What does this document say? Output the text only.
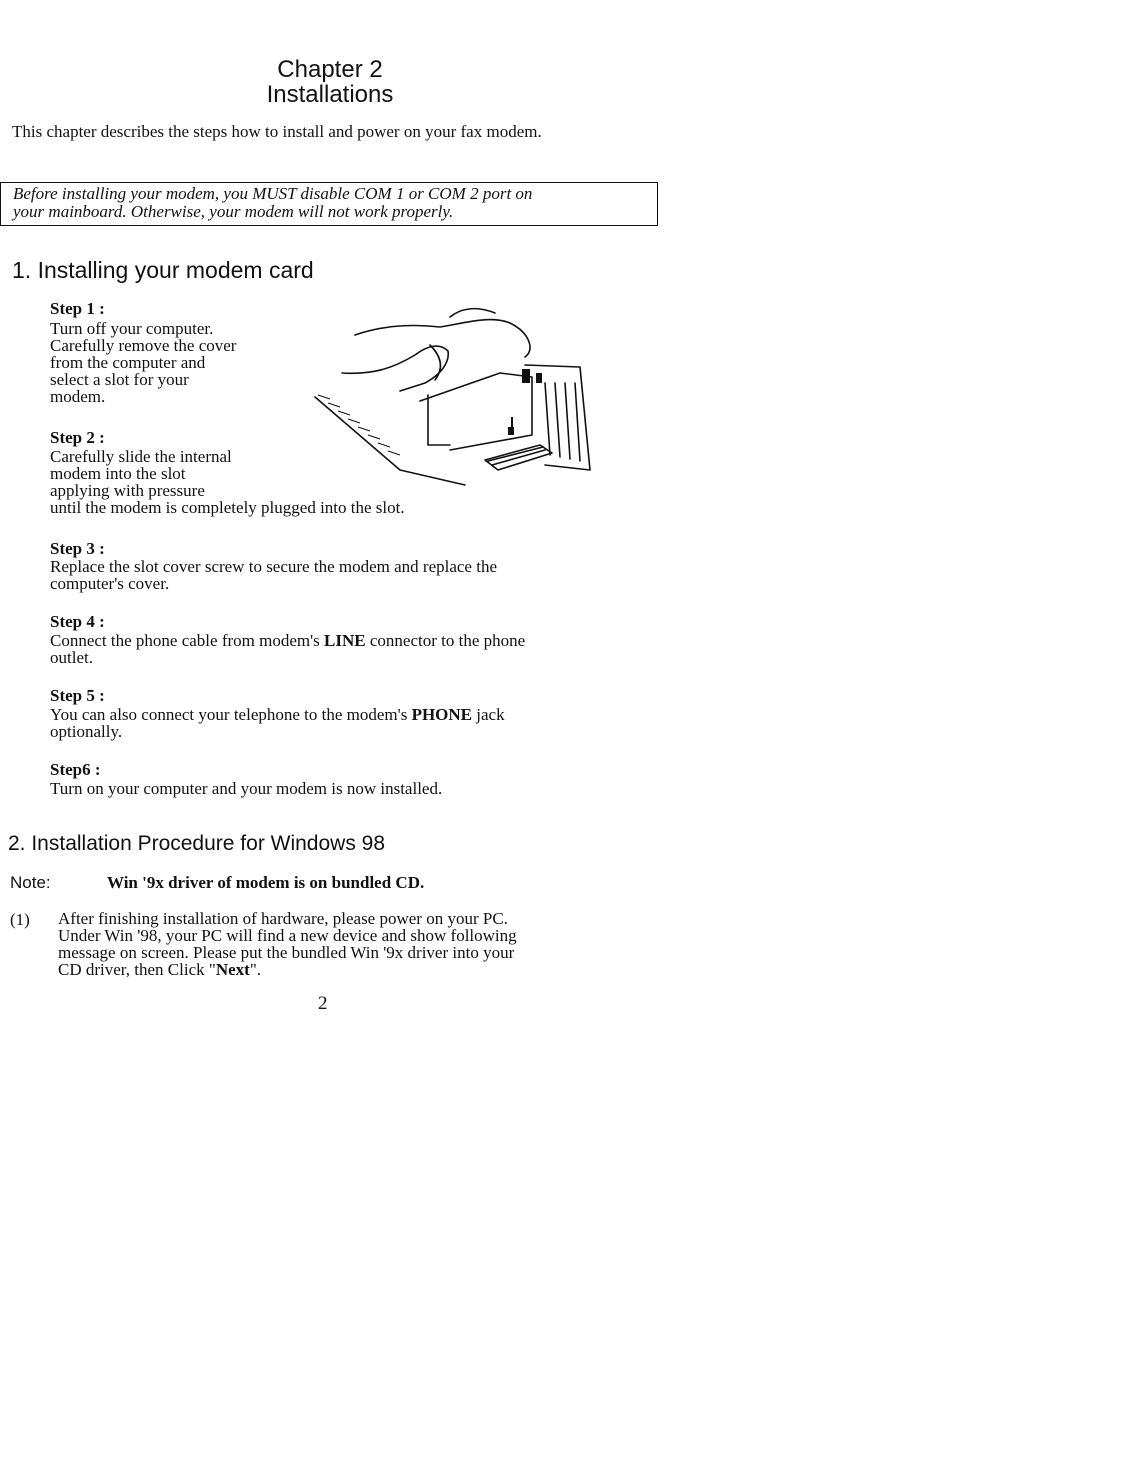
Chapter 2
Installations
This chapter describes the steps how to install and power on your fax modem.
Before installing your modem, you MUST disable COM 1 or COM 2 port on
your mainboard. Otherwise, your modem will not work properly.
1. Installing your modem card
Step 1 :
Turn off your computer.
Carefully remove the cover
from the computer and
select a slot for your
modem.
Step 2 :
Carefully slide the internal
modem into the slot
applying with pressure
until the modem is completely plugged into the slot.
Step 3 :
Replace the slot cover screw to secure the modem and replace the
computer's cover.
Step 4 :
Connect the phone cable from modem's LINE connector to the phone
outlet.
Step 5 :
You can also connect your telephone to the modem's PHONE jack
optionally.
Step6 :
Turn on your computer and your modem is now installed.
2. Installation Procedure for Windows 98
Note:	Win '9x driver of modem is on bundled CD.
(1) After finishing installation of hardware, please power on your PC.
Under Win '98, your PC will find a new device and show following
message on screen. Please put the bundled Win '9x driver into your
CD driver, then Click "Next".
2
